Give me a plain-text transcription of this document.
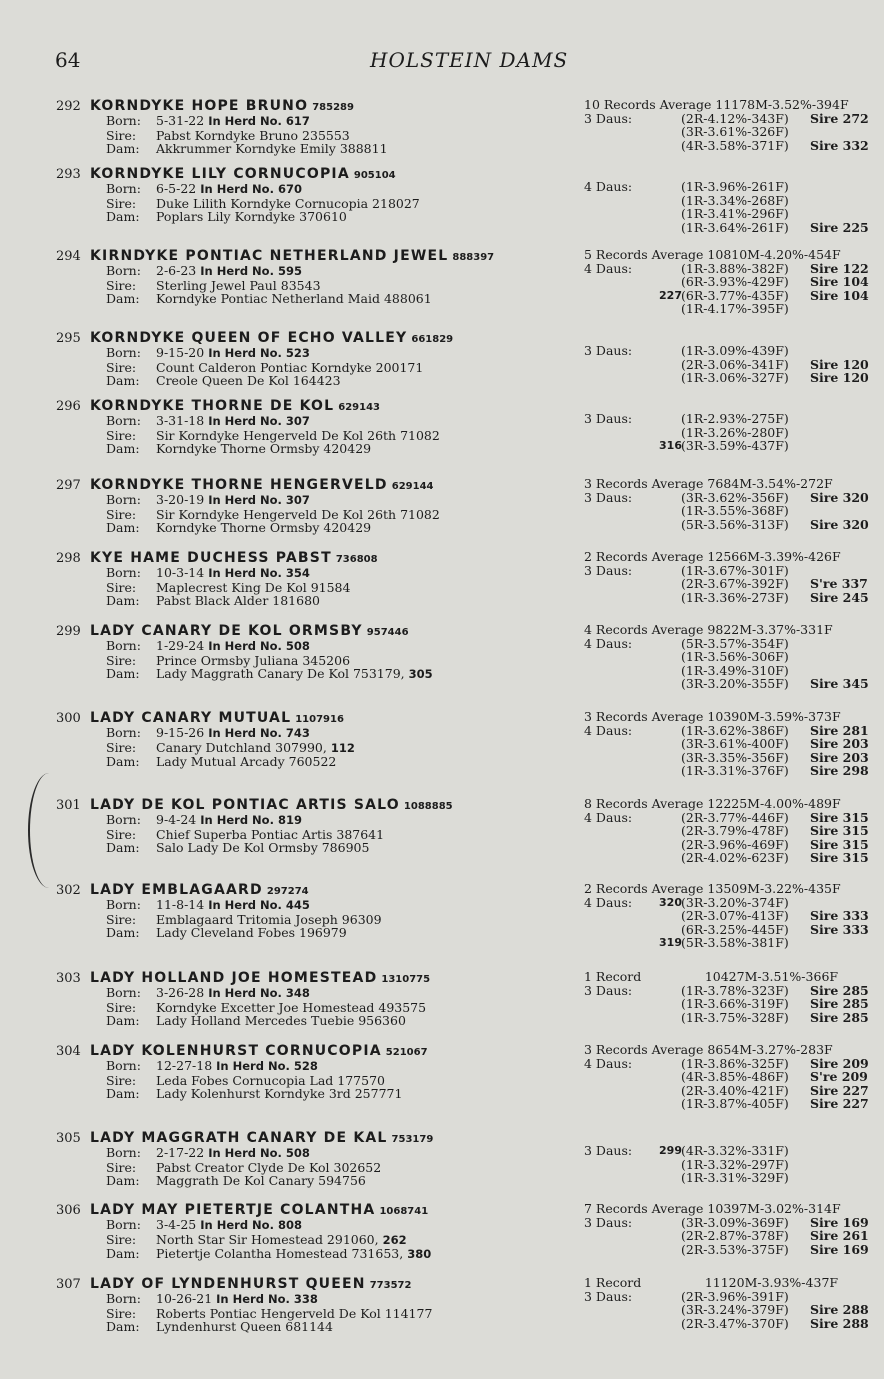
64	HOLSTEIN DAMS
292 KORNDYKE HOPE BRUNO 785289
Born: 5-31-22 In Herd No. 617
Sire: Pabst Korndyke Bruno 235553
Dam: Akkrummer Korndyke Emily 388811
10 Records Average 11178M-3.52%-394F
3 Daus:	(2R-4.12%-343F) Sire 272
(3R-3.61%-326F)
(4R-3.58%-371F) Sire 332
293 KORNDYKE LILY CORNUCOPIA 905104
Born: 6-5-22 In Herd No. 670
Sire: Duke Lilith Korndyke Cornucopia 218027
Dam: Poplars Lily Korndyke 370610
4 Daus:	(1R-3.96%-261F)
(1R-3.34%-268F)
(1R-3.41%-296F)
(1R-3.64%-261F) Sire 225
294 KIRNDYKE PONTIAC NETHERLAND JEWEL 888397
Born: 2-6-23 In Herd No. 595
Sire: Sterling Jewel Paul 83543
Dam: Korndyke Pontiac Netherland Maid 488061
5 Records Average 10810M-4.20%-454F
4 Daus:	(1R-3.88%-382F) Sire 122
(6R-3.93%-429F) Sire 104
227 (6R-3.77%-435F) Sire 104
(1R-4.17%-395F)
295 KORNDYKE QUEEN OF ECHO VALLEY 661829
Born: 9-15-20 In Herd No. 523
Sire: Count Calderon Pontiac Korndyke 200171
Dam: Creole Queen De Kol 164423
3 Daus:	(1R-3.09%-439F)
(2R-3.06%-341F) Sire 120
(1R-3.06%-327F) Sire 120
296 KORNDYKE THORNE DE KOL 629143
Born: 3-31-18 In Herd No. 307
Sire: Sir Korndyke Hengerveld De Kol 26th 71082
Dam: Korndyke Thorne Ormsby 420429
3 Daus:	(1R-2.93%-275F)
(1R-3.26%-280F)
316 (3R-3.59%-437F)
297 KORNDYKE THORNE HENGERVELD 629144
Born: 3-20-19 In Herd No. 307
Sire: Sir Korndyke Hengerveld De Kol 26th 71082
Dam: Korndyke Thorne Ormsby 420429
3 Records Average 7684M-3.54%-272F
3 Daus:	(3R-3.62%-356F) Sire 320
(1R-3.55%-368F)
(5R-3.56%-313F) Sire 320
298 KYE HAME DUCHESS PABST 736808
Born: 10-3-14 In Herd No. 354
Sire: Maplecrest King De Kol 91584
Dam: Pabst Black Alder 181680
2 Records Average 12566M-3.39%-426F
3 Daus:	(1R-3.67%-301F)
(2R-3.67%-392F) S're 337
(1R-3.36%-273F) Sire 245
299 LADY CANARY DE KOL ORMSBY 957446
Born: 1-29-24 In Herd No. 508
Sire: Prince Ormsby Juliana 345206
Dam: Lady Maggrath Canary De Kol 753179, 305
4 Records Average 9822M-3.37%-331F
4 Daus:	(5R-3.57%-354F)
(1R-3.56%-306F)
(1R-3.49%-310F)
(3R-3.20%-355F) Sire 345
300 LADY CANARY MUTUAL 1107916
Born: 9-15-26 In Herd No. 743
Sire: Canary Dutchland 307990, 112
Dam: Lady Mutual Arcady 760522
3 Records Average 10390M-3.59%-373F
4 Daus:	(1R-3.62%-386F) Sire 281
(3R-3.61%-400F) Sire 203
(3R-3.35%-356F) Sire 203
(1R-3.31%-376F) Sire 298
301 LADY DE KOL PONTIAC ARTIS SALO 1088885
Born: 9-4-24 In Herd No. 819
Sire: Chief Superba Pontiac Artis 387641
Dam: Salo Lady De Kol Ormsby 786905
8 Records Average 12225M-4.00%-489F
4 Daus:	(2R-3.77%-446F) Sire 315
(2R-3.79%-478F) Sire 315
(2R-3.96%-469F) Sire 315
(2R-4.02%-623F) Sire 315
302 LADY EMBLAGAARD 297274
Born: 11-8-14 In Herd No. 445
Sire: Emblagaard Tritomia Joseph 96309
Dam: Lady Cleveland Fobes 196979
2 Records Average 13509M-3.22%-435F
4 Daus:	320 (3R-3.20%-374F)
(2R-3.07%-413F) Sire 333
(6R-3.25%-445F) Sire 333
319 (5R-3.58%-381F)
303 LADY HOLLAND JOE HOMESTEAD 1310775
Born: 3-26-28 In Herd No. 348
Sire: Korndyke Excetter Joe Homestead 493575
Dam: Lady Holland Mercedes Tuebie 956360
1 Record                10427M-3.51%-366F
3 Daus:	(1R-3.78%-323F) Sire 285
(1R-3.66%-319F) Sire 285
(1R-3.75%-328F) Sire 285
304 LADY KOLENHURST CORNUCOPIA 521067
Born: 12-27-18 In Herd No. 528
Sire: Leda Fobes Cornucopia Lad 177570
Dam: Lady Kolenhurst Korndyke 3rd 257771
3 Records Average 8654M-3.27%-283F
4 Daus:	(1R-3.86%-325F) Sire 209
(4R-3.85%-486F) S're 209
(2R-3.40%-421F) Sire 227
(1R-3.87%-405F) Sire 227
305 LADY MAGGRATH CANARY DE KAL 753179
Born: 2-17-22 In Herd No. 508
Sire: Pabst Creator Clyde De Kol 302652
Dam: Maggrath De Kol Canary 594756
3 Daus:	299 (4R-3.32%-331F)
(1R-3.32%-297F)
(1R-3.31%-329F)
306 LADY MAY PIETERTJE COLANTHA 1068741
Born: 3-4-25 In Herd No. 808
Sire: North Star Sir Homestead 291060, 262
Dam: Pietertje Colantha Homestead 731653, 380
7 Records Average 10397M-3.02%-314F
3 Daus:	(3R-3.09%-369F) Sire 169
(2R-2.87%-378F) Sire 261
(2R-3.53%-375F) Sire 169
307 LADY OF LYNDENHURST QUEEN 773572
Born: 10-26-21 In Herd No. 338
Sire: Roberts Pontiac Hengerveld De Kol 114177
Dam: Lyndenhurst Queen 681144
1 Record                11120M-3.93%-437F
3 Daus:	(2R-3.96%-391F)
(3R-3.24%-379F) Sire 288
(2R-3.47%-370F) Sire 288
